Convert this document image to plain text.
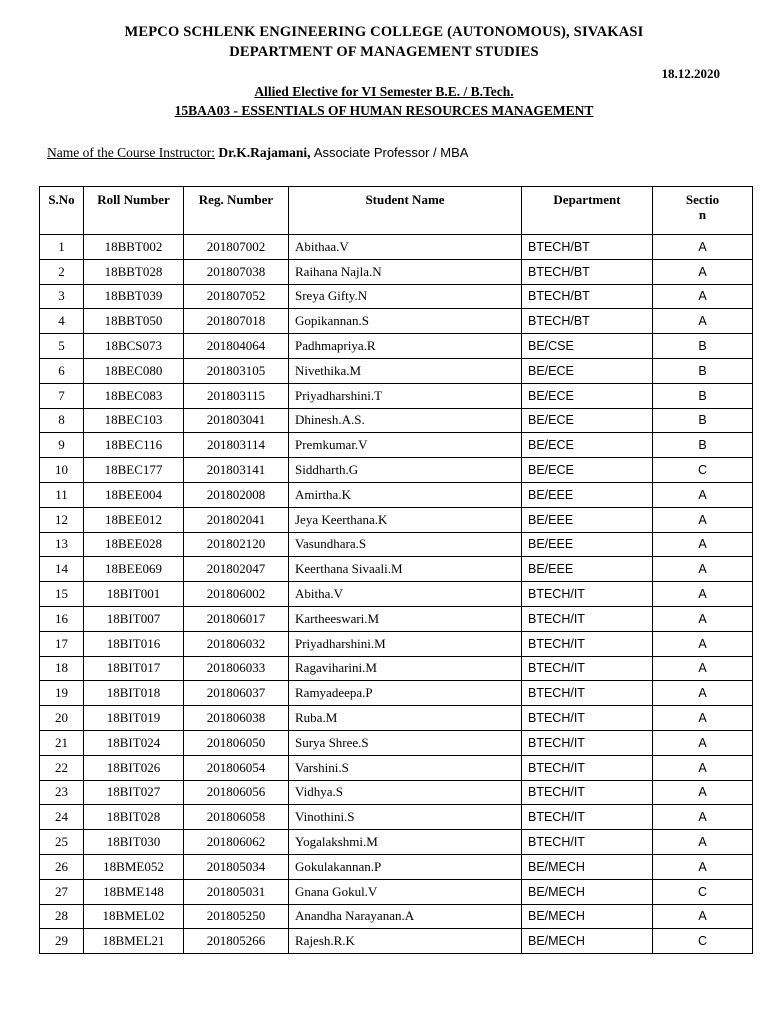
MEPCO SCHLENK ENGINEERING COLLEGE (AUTONOMOUS), SIVAKASI
DEPARTMENT OF MANAGEMENT STUDIES
18.12.2020
Allied Elective for VI Semester B.E. / B.Tech.
15BAA03 - ESSENTIALS OF HUMAN RESOURCES MANAGEMENT
Name of the Course Instructor: Dr.K.Rajamani, Associate Professor / MBA
S.No	Roll Number	Reg. Number	Student Name	Department	Section
1	18BBT002	201807002	Abithaa.V	BTECH/BT	A
2	18BBT028	201807038	Raihana Najla.N	BTECH/BT	A
3	18BBT039	201807052	Sreya Gifty.N	BTECH/BT	A
4	18BBT050	201807018	Gopikannan.S	BTECH/BT	A
5	18BCS073	201804064	Padhmapriya.R	BE/CSE	B
6	18BEC080	201803105	Nivethika.M	BE/ECE	B
7	18BEC083	201803115	Priyadharshini.T	BE/ECE	B
8	18BEC103	201803041	Dhinesh.A.S.	BE/ECE	B
9	18BEC116	201803114	Premkumar.V	BE/ECE	B
10	18BEC177	201803141	Siddharth.G	BE/ECE	C
11	18BEE004	201802008	Amirtha.K	BE/EEE	A
12	18BEE012	201802041	Jeya Keerthana.K	BE/EEE	A
13	18BEE028	201802120	Vasundhara.S	BE/EEE	A
14	18BEE069	201802047	Keerthana Sivaali.M	BE/EEE	A
15	18BIT001	201806002	Abitha.V	BTECH/IT	A
16	18BIT007	201806017	Kartheeswari.M	BTECH/IT	A
17	18BIT016	201806032	Priyadharshini.M	BTECH/IT	A
18	18BIT017	201806033	Ragaviharini.M	BTECH/IT	A
19	18BIT018	201806037	Ramyadeepa.P	BTECH/IT	A
20	18BIT019	201806038	Ruba.M	BTECH/IT	A
21	18BIT024	201806050	Surya Shree.S	BTECH/IT	A
22	18BIT026	201806054	Varshini.S	BTECH/IT	A
23	18BIT027	201806056	Vidhya.S	BTECH/IT	A
24	18BIT028	201806058	Vinothini.S	BTECH/IT	A
25	18BIT030	201806062	Yogalakshmi.M	BTECH/IT	A
26	18BME052	201805034	Gokulakannan.P	BE/MECH	A
27	18BME148	201805031	Gnana Gokul.V	BE/MECH	C
28	18BMEL02	201805250	Anandha Narayanan.A	BE/MECH	A
29	18BMEL21	201805266	Rajesh.R.K	BE/MECH	C
